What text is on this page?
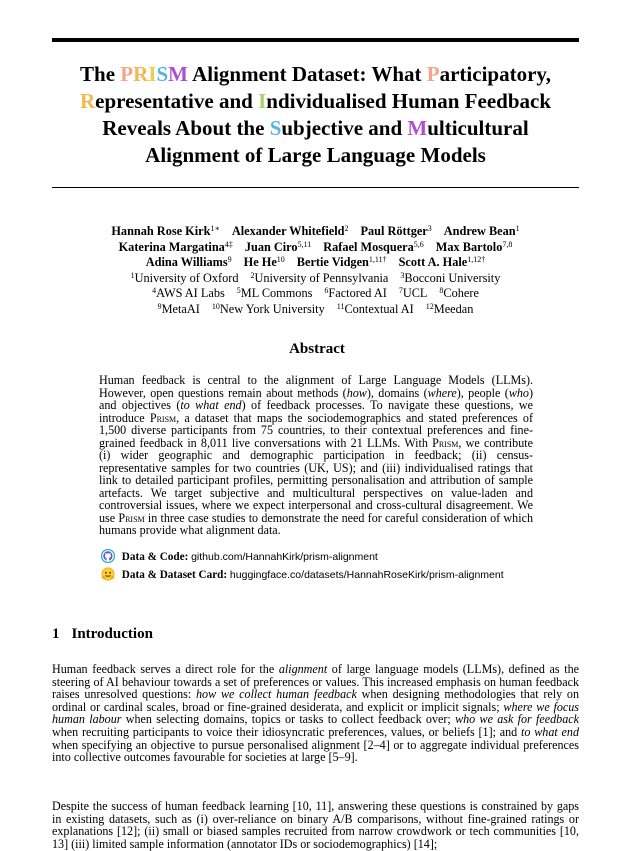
The PRISM Alignment Dataset: What Participatory,
Representative and Individualised Human Feedback
Reveals About the Subjective and Multicultural
Alignment of Large Language Models
Hannah Rose Kirk$^{1∗}$ Alexander Whitefield$^2$ Paul Röttger$^3$ Andrew Bean$^1$
Katerina Margatina$^{4\ddagger}$ Juan Ciro$^{5,11}$ Rafael Mosquera$^{5,6}$ Max Bartolo$^{7,8}$
Adina Williams$^9$ He He$^{10}$ Bertie Vidgen$^{1,11\dagger}$ Scott A. Hale$^{1,12\dagger}$
$^1$University of Oxford $^2$University of Pennsylvania $^3$Bocconi University
$^4$AWS AI Labs $^5$ML Commons $^6$Factored AI $^7$UCL $^8$Cohere
$^9$MetaAI $^{10}$New York University $^{11}$Contextual AI $^{12}$Meedan
Abstract
Human feedback is central to the alignment of Large Language Models (LLMs). However, open questions remain about methods (how), domains (where), people (who) and objectives (to what end) of feedback processes. To navigate these questions, we introduce Prism, a dataset that maps the sociodemographics and stated preferences of 1,500 diverse participants from 75 countries, to their contextual preferences and fine-grained feedback in 8,011 live conversations with 21 LLMs. With Prism, we contribute (i) wider geographic and demographic participation in feedback; (ii) census-representative samples for two countries (UK, US); and (iii) individualised ratings that link to detailed participant profiles, permitting personalisation and attribution of sample artefacts. We target subjective and multicultural perspectives on value-laden and controversial issues, where we expect interpersonal and cross-cultural disagreement. We use Prism in three case studies to demonstrate the need for careful consideration of which humans provide what alignment data.
Data & Code: github.com/HannahKirk/prism-alignment
Data & Dataset Card: huggingface.co/datasets/HannahRoseKirk/prism-alignment
1 Introduction
Human feedback serves a direct role for the alignment of large language models (LLMs), defined as the steering of AI behaviour towards a set of preferences or values. This increased emphasis on human feedback raises unresolved questions: how we collect human feedback when designing methodologies that rely on ordinal or cardinal scales, broad or fine-grained desiderata, and explicit or implicit signals; where we focus human labour when selecting domains, topics or tasks to collect feedback over; who we ask for feedback when recruiting participants to voice their idiosyncratic preferences, values, or beliefs [1]; and to what end when specifying an objective to pursue personalised alignment [2–4] or to aggregate individual preferences into collective outcomes favourable for societies at large [5–9].
Despite the success of human feedback learning [10, 11], answering these questions is constrained by gaps in existing datasets, such as (i) over-reliance on binary A/B comparisons, without fine-grained ratings or explanations [12]; (ii) small or biased samples recruited from narrow crowdwork or tech communities [10, 13] (iii) limited sample information (annotator IDs or sociodemographics) [14];
